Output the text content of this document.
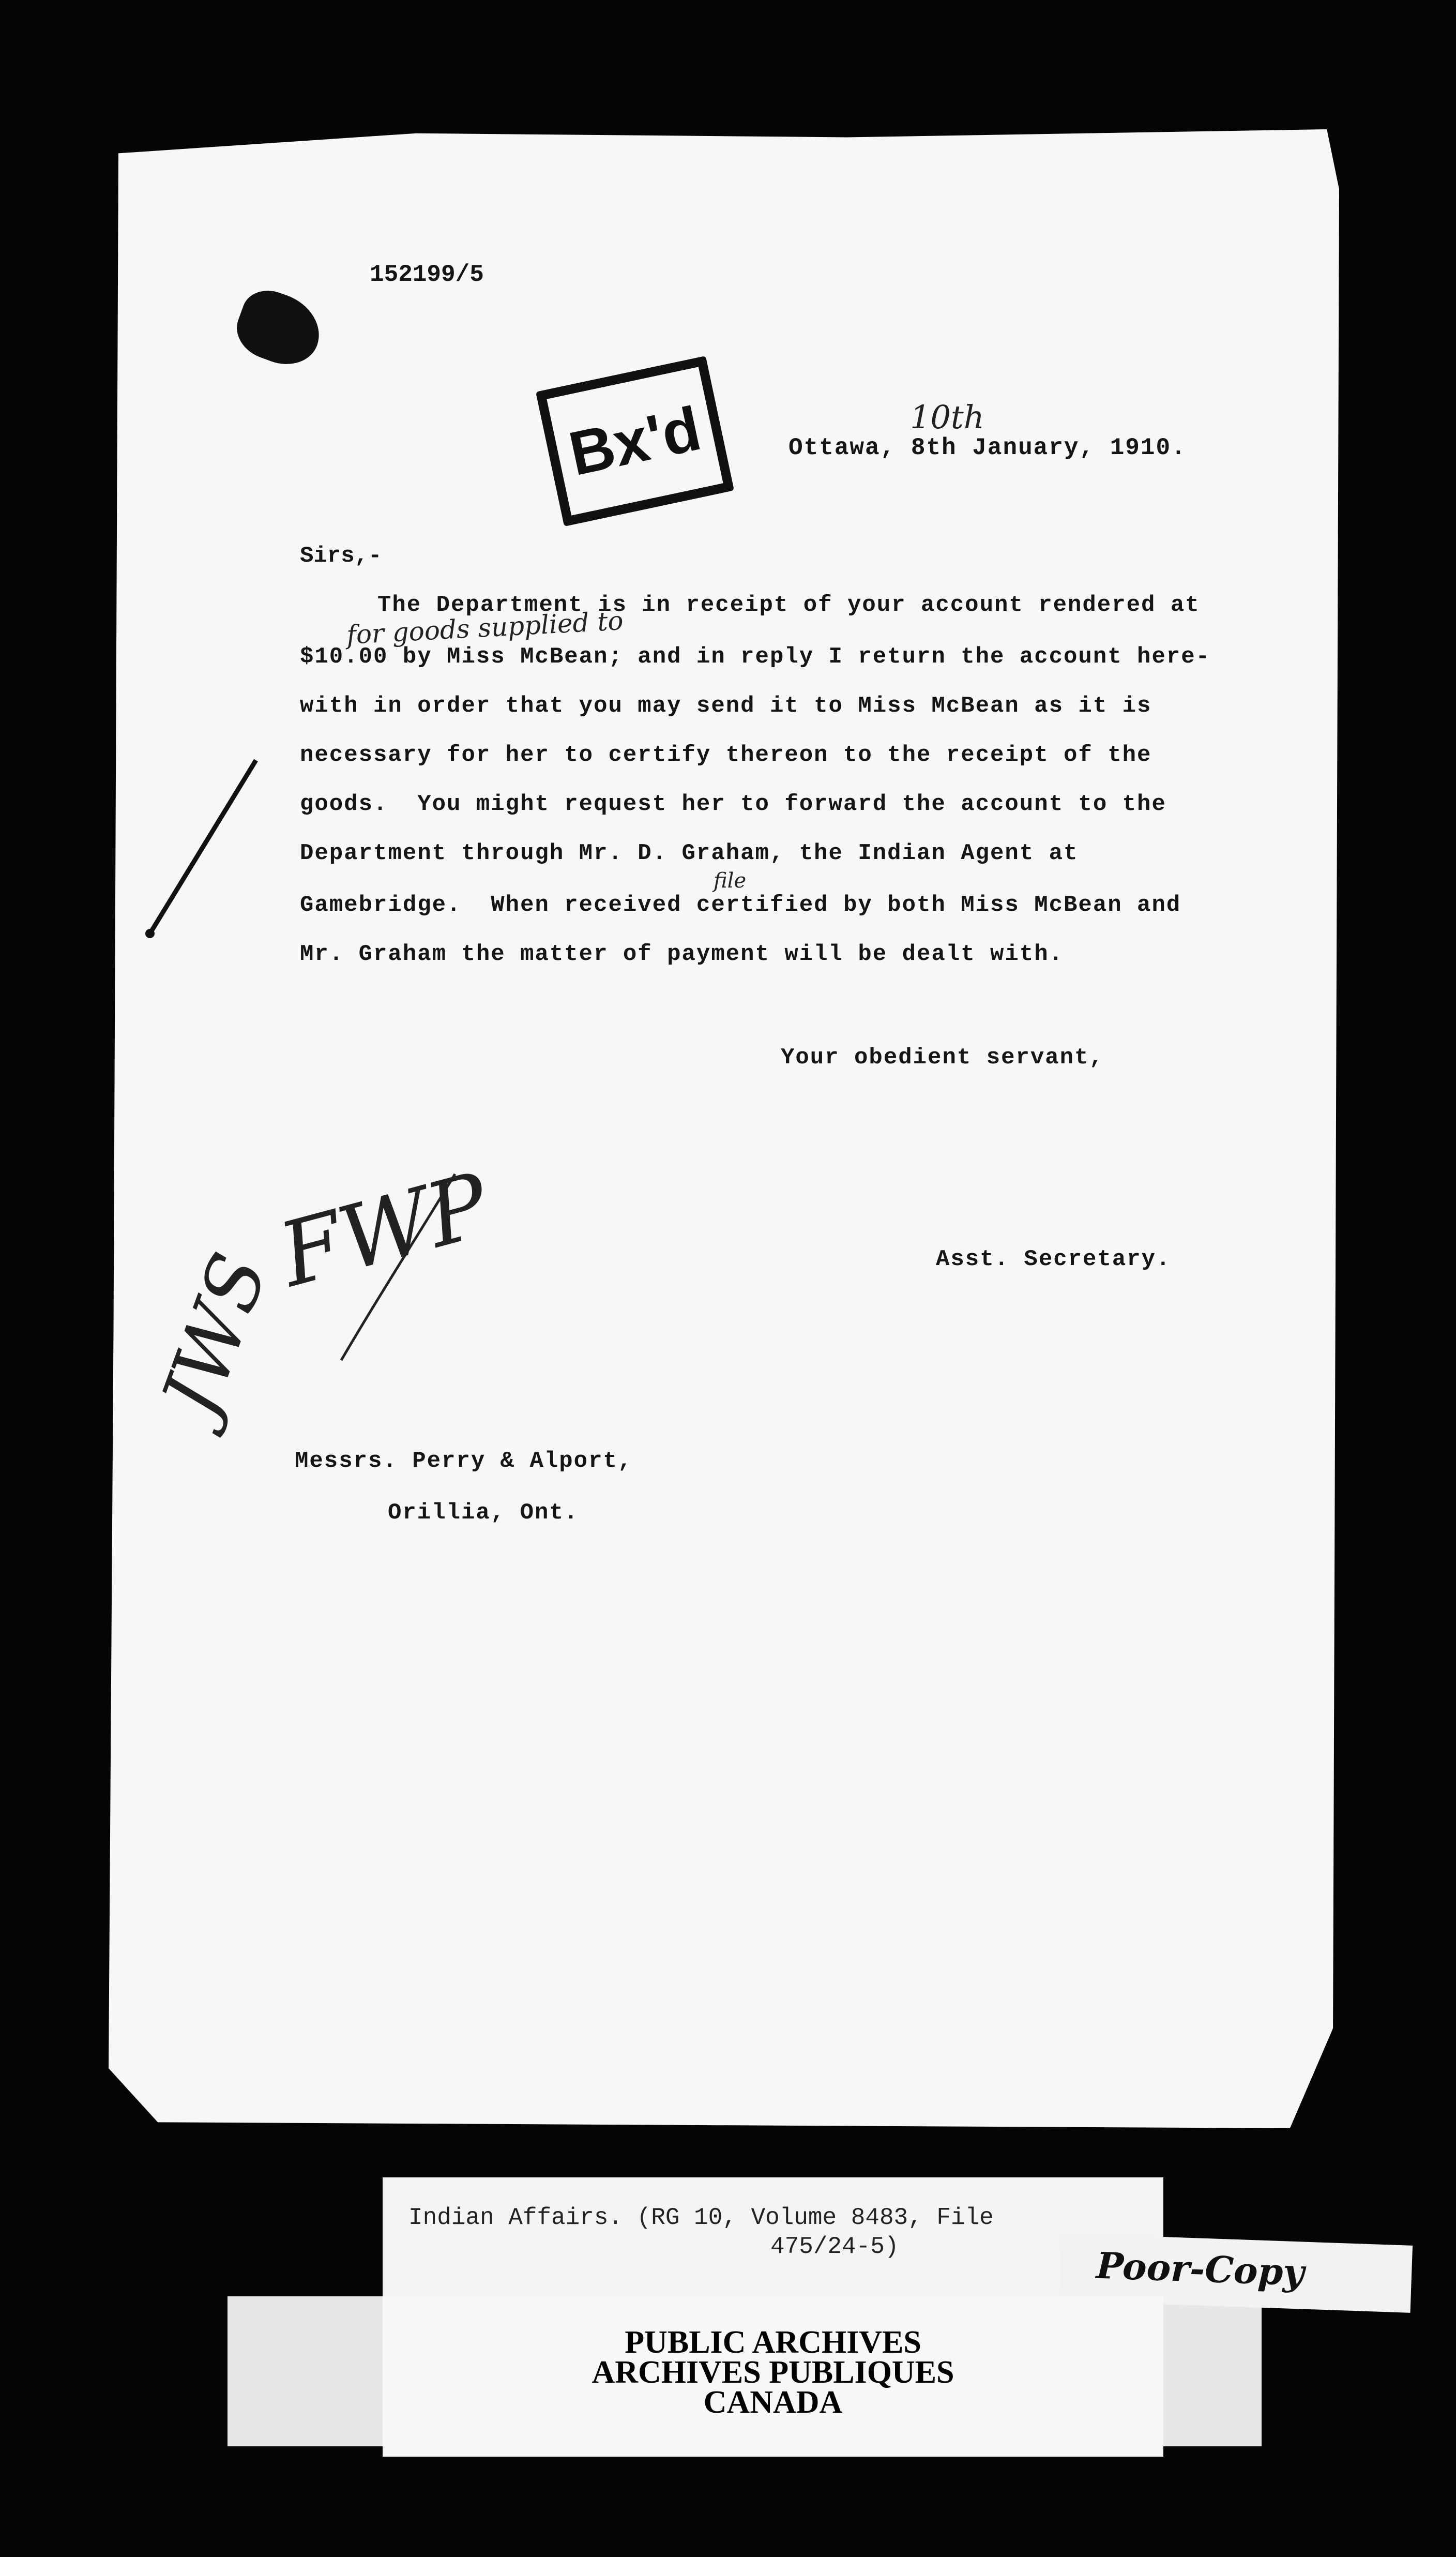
152199/5
Bx'd	10th
Ottawa, 8th January, 1910.
Sirs,-
for goods supplied to
The Department is in receipt of your account rendered at
$10.00 by Miss McBean; and in reply I return the account here-
with in order that you may send it to Miss McBean as it is
necessary for her to certify thereon to the receipt of the
goods.  You might request her to forward the account to the
Department through Mr. D. Graham, the Indian Agent at
file
Gamebridge.  When received certified by both Miss McBean and
Mr. Graham the matter of payment will be dealt with.
Your obedient servant,
Asst. Secretary.
JWS
FWP
Messrs. Perry & Alport,
Orillia, Ont.
Indian Affairs. (RG 10, Volume 8483, File
475/24-5)	Poor-Copy
PUBLIC ARCHIVES
ARCHIVES PUBLIQUES
CANADA
